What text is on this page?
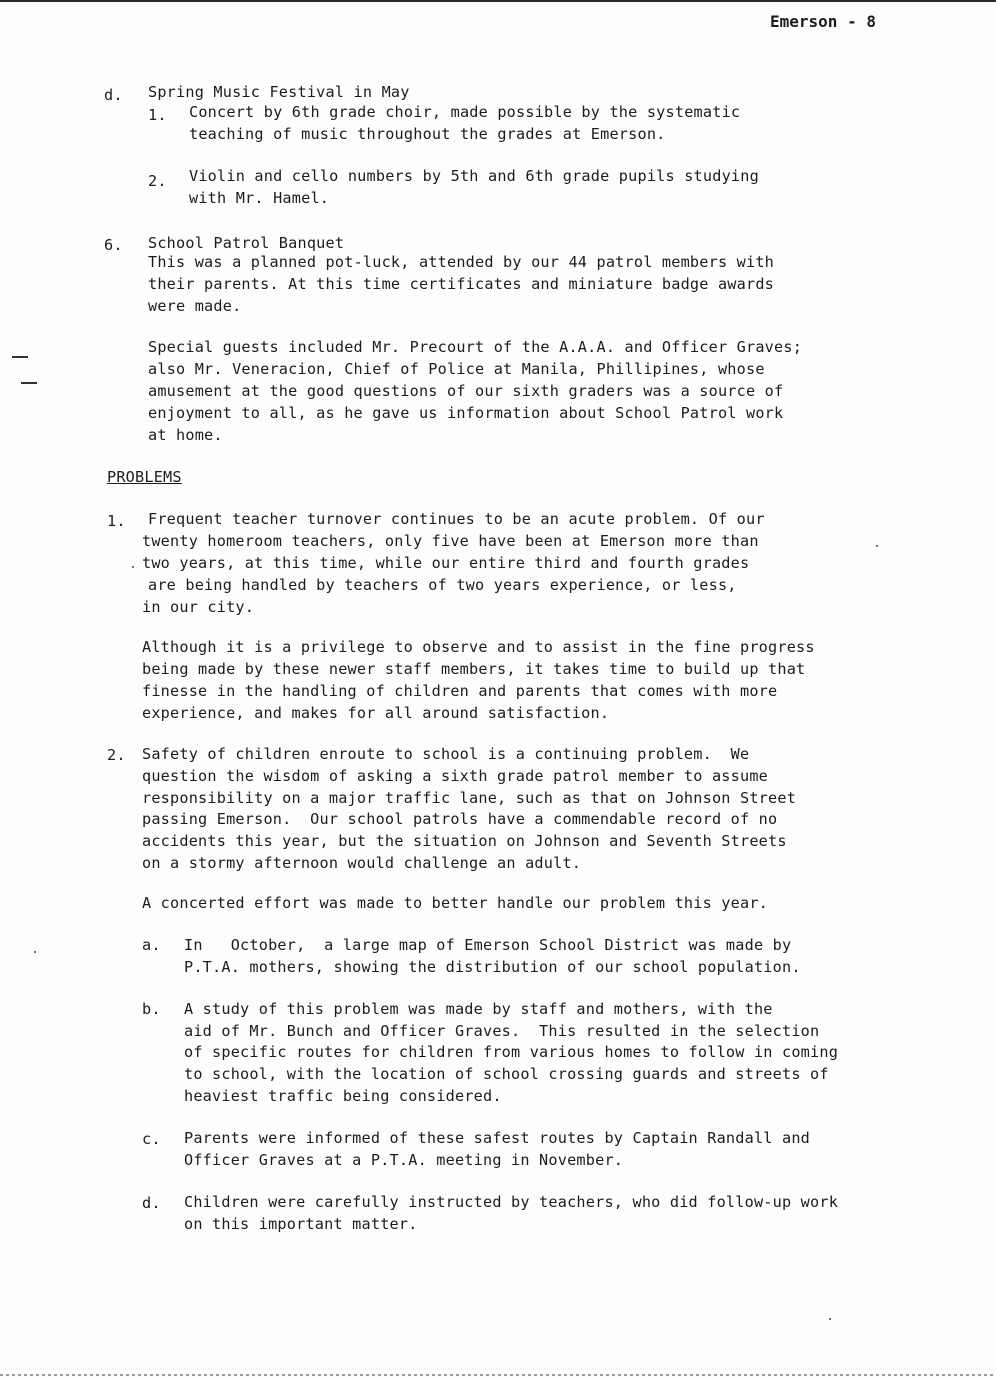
Emerson - 8
d. Spring Music Festival in May
1. Concert by 6th grade choir, made possible by the systematic
teaching of music throughout the grades at Emerson.
2. Violin and cello numbers by 5th and 6th grade pupils studying
with Mr. Hamel.
6. School Patrol Banquet
This was a planned pot-luck, attended by our 44 patrol members with
their parents. At this time certificates and miniature badge awards
were made.
Special guests included Mr. Precourt of the A.A.A. and Officer Graves;
also Mr. Veneracion, Chief of Police at Manila, Phillipines, whose
amusement at the good questions of our sixth graders was a source of
enjoyment to all, as he gave us information about School Patrol work
at home.
PROBLEMS
1. Frequent teacher turnover continues to be an acute problem. Of our
twenty homeroom teachers, only five have been at Emerson more than
two years, at this time, while our entire third and fourth grades
are being handled by teachers of two years experience, or less,
in our city.
Although it is a privilege to observe and to assist in the fine progress
being made by these newer staff members, it takes time to build up that
finesse in the handling of children and parents that comes with more
experience, and makes for all around satisfaction.
2. Safety of children enroute to school is a continuing problem.  We
question the wisdom of asking a sixth grade patrol member to assume
responsibility on a major traffic lane, such as that on Johnson Street
passing Emerson.  Our school patrols have a commendable record of no
accidents this year, but the situation on Johnson and Seventh Streets
on a stormy afternoon would challenge an adult.
A concerted effort was made to better handle our problem this year.
a. In   October,  a large map of Emerson School District was made by
P.T.A. mothers, showing the distribution of our school population.
b. A study of this problem was made by staff and mothers, with the
aid of Mr. Bunch and Officer Graves.  This resulted in the selection
of specific routes for children from various homes to follow in coming
to school, with the location of school crossing guards and streets of
heaviest traffic being considered.
c. Parents were informed of these safest routes by Captain Randall and
Officer Graves at a P.T.A. meeting in November.
d. Children were carefully instructed by teachers, who did follow-up work
on this important matter.
